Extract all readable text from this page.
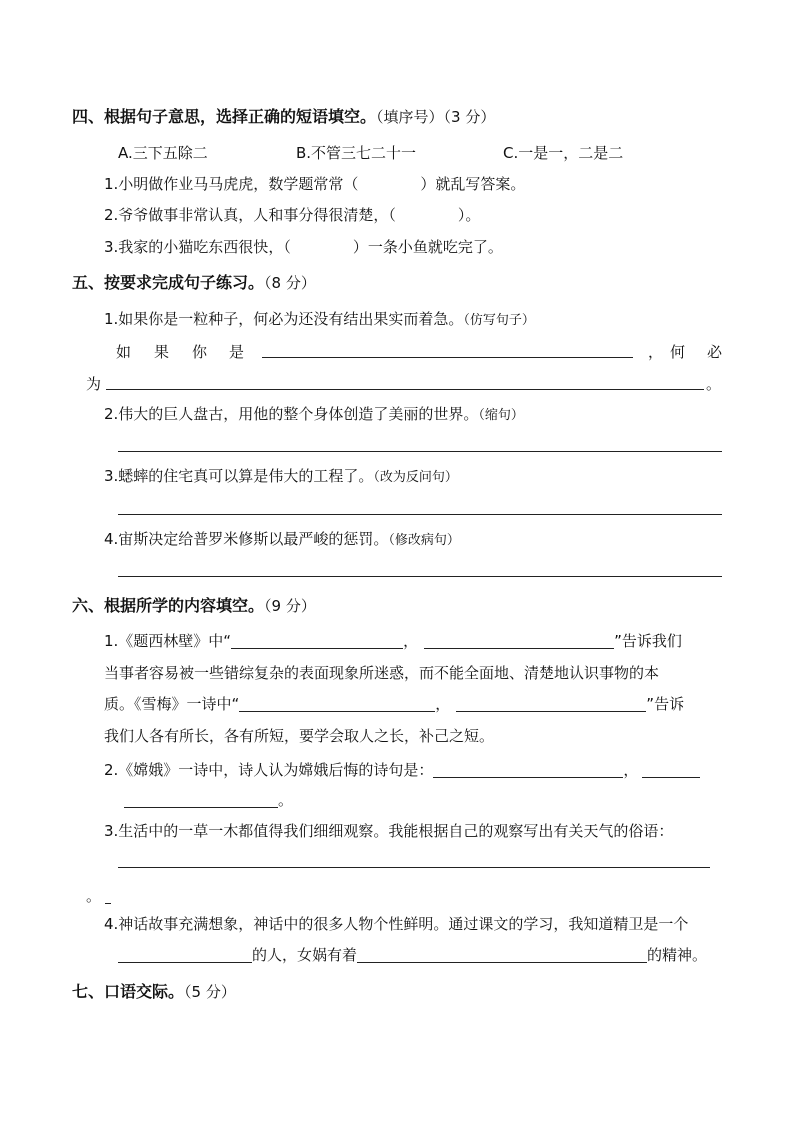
四、根据句子意思，选择正确的短语填空。（填序号）（3 分）
A.三下五除二	B.不管三七二十一	C.一是一，二是二
1.小明做作业马马虎虎，数学题常常（	）就乱写答案。
2.爷爷做事非常认真，人和事分得很清楚，（	）。
3.我家的小猫吃东西很快，（	）一条小鱼就吃完了。
五、按要求完成句子练习。（8 分）
1.如果你是一粒种子，何必为还没有结出果实而着急。（仿写句子）
如 果 你 是	， 何 必
为	。
2.伟大的巨人盘古，用他的整个身体创造了美丽的世界。（缩句）
3.蟋蟀的住宅真可以算是伟大的工程了。（改为反问句）
4.宙斯决定给普罗米修斯以最严峻的惩罚。（修改病句）
六、根据所学的内容填空。（9 分）
1.《题西林壁》中“	，	”告诉我们
当事者容易被一些错综复杂的表面现象所迷惑，而不能全面地、清楚地认识事物的本
质。《雪梅》一诗中“	，	”告诉
我们人各有所长，各有所短，要学会取人之长，补己之短。
2.《嫦娥》一诗中，诗人认为嫦娥后悔的诗句是：	，
。
3.生活中的一草一木都值得我们细细观察。我能根据自己的观察写出有关天气的俗语：
。
4.神话故事充满想象，神话中的很多人物个性鲜明。通过课文的学习，我知道精卫是一个
的人，女娲有着	的精神。
七、口语交际。（5 分）
